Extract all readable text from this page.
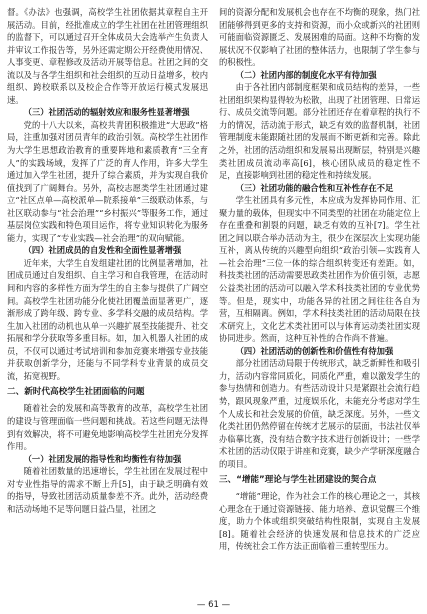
督。《办法》也强调，高校学生社团依据其章程自主开展活动。目前，经批准成立的学生社团在社团管理组织的监督下，可以通过召开全体成员大会选举产生负责人并审议工作报告等，另外还需定期公开经费使用情况、人事变更、章程修改及活动开展等信息。社团之间的交流以及与各学生组织和社会组织的互动日益增多，校内组织、跨校联系以及校企合作等开放运行模式发展迅速。

（三）社团活动的辐射效应和服务性显著增强

党的十八大以来，高校共青团积极推进“大思政”格局，注重加强对团员青年的政治引领。高校学生社团作为大学生思想政治教育的重要阵地和素质教育“三全育人”的实践场域，发挥了广泛的育人作用，许多大学生通过加入学生社团，提升了综合素质，并为实现自我价值找到了广阔舞台。另外，高校志愿类学生社团通过建立“社区点单—高校派单—院系接单”三级联动体系，与社区联动参与“社会治理”“乡村振兴”等服务工作，通过基层岗位实践和特色项目运作，将专业知识转化为服务能力，实现了“专业实践—社会治理”的双向赋能。

（四）社团成员的自发性和全面性显著增强

近年来，大学生自发组建社团的比例显著增加，社团成员通过自发组织、自主学习和自我管理，在活动时间和内容的多样性方面为学生的自主参与提供了广阔空间。高校学生社团功能分化使社团覆盖面显著更广，逐渐形成了跨年级、跨专业、多学科交融的成员结构。学生加入社团的动机也从单一兴趣扩展至技能提升、社交拓展和学分获取等多重目标。如，加入机器人社团的成员，不仅可以通过考试培训和参加竞赛来增强专业技能并获取创新学分，还能与不同学科专业背景的成员交流，拓宽视野。

二、新时代高校学生社团面临的问题

随着社会的发展和高等教育的改革，高校学生社团的建设与管理面临一些问题和挑战。若这些问题无法得到有效解决，将不可避免地影响高校学生社团充分发挥作用。

（一）社团发展的指导性和均衡性有待加强

随着社团数量的迅速增长，学生社团在发展过程中对专业性指导的需求不断上升[5]，由于缺乏明确有效的指导，导致社团活动质量参差不齐。此外，活动经费和活动场地不足等问题日益凸显，社团之

间的资源分配和发展机会也存在不均衡的现象，热门社团能够得到更多的支持和资源，而小众或新兴的社团则可能面临资源匮乏、发展困难的局面。这种不均衡的发展状况不仅影响了社团的整体活力，也限制了学生参与的积极性。

（二）社团内部的制度化水平有待加强

由于各社团内部制度框架和成员结构的差异，一些社团组织架构显得较为松散，出现了社团管理、日常运行、成员交流等问题。部分社团还存在着章程的执行不力的情况，活动流于形式，缺乏有效的监督机制，社团管理制度未能跟随社团的发展而不断更新和完善。除此之外，社团的活动组织和发展易出现断层，特别是兴趣类社团成员流动率高[6]，核心团队成员的稳定性不足，直接影响到社团的稳定性和持续发展。

（三）社团功能的融合性和互补性存在不足

学生社团具有多元性，本应成为发挥协同作用、汇聚力量的载体，但现实中不同类型的社团在功能定位上存在重叠和割裂的问题，缺乏有效的互补[7]。学生社团之间以联合举办活动为主，很少在深层次上实现功能互补，离从传统的兴趣型向组织“政治引领—实践育人—社会治理”三位一体的综合组织转变还有差距。如，科技类社团的活动需要思政类社团作为价值引领，志愿公益类社团的活动可以融入学术科技类社团的专业优势等。但是，现实中，功能各异的社团之间往往各自为营，互相隔离。例如，学术科技类社团的活动局限在技术研究上，文化艺术类社团可以与体育运动类社团实现协同进步。然而，这种互补性的合作尚不普遍。

（四）社团活动的创新性和价值性有待加强

部分社团活动局限于传统形式，缺乏新鲜性和吸引力，活动内容常同质化，同质化严重，难以激发学生的参与热情和创造力。有些活动设计只是紧跟社会流行趋势，跟风现象严重，过度娱乐化，未能充分考虑对学生个人成长和社会发展的价值，缺乏深度。另外，一些文化类社团仍然停留在传统才艺展示的层面，书法社仅举办临摹比赛，没有结合数字技术进行创新设计；一些学术社团的活动仅限于讲座和竞赛，缺少产学研深度融合的项目。

三、“增能”理论与学生社团建设的契合点

“增能”理论，作为社会工作的核心理论之一，其核心理念在于通过资源链接、能力培养、意识觉醒三个维度，助力个体或组织突破结构性限制，实现自主发展[8]。随着社会经济的快速发展和信息技术的广泛应用，传统社会工作方法正面临着三重转型压力。

— 61 —
